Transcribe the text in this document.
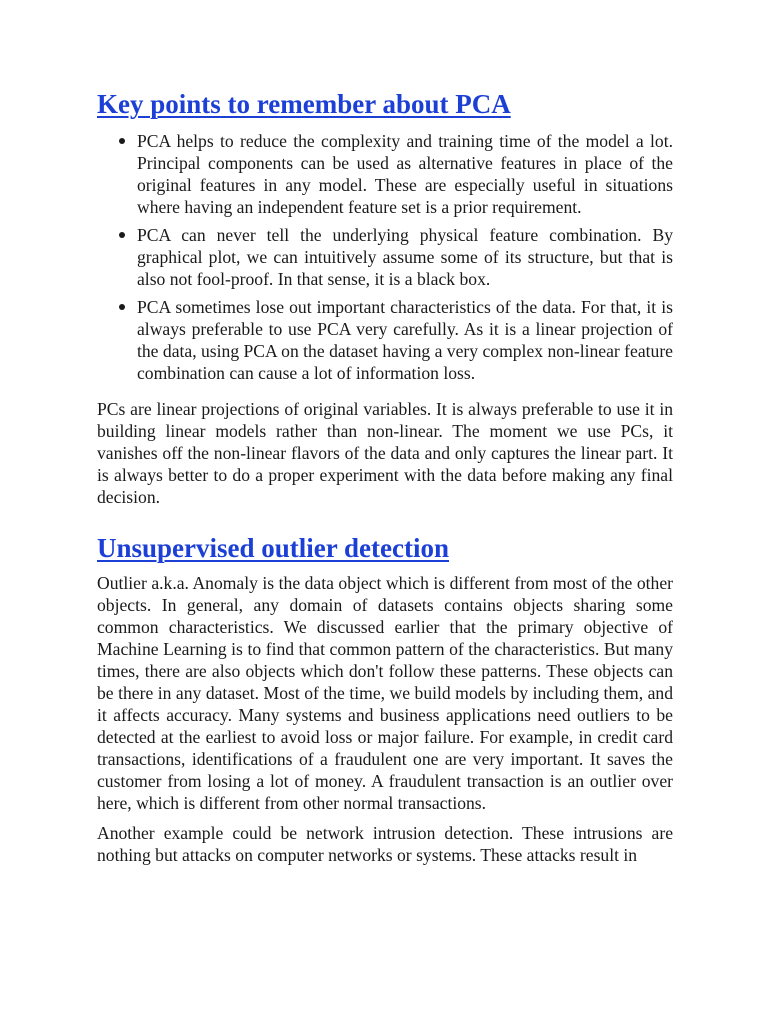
Key points to remember about PCA
PCA helps to reduce the complexity and training time of the model a lot. Principal components can be used as alternative features in place of the original features in any model. These are especially useful in situations where having an independent feature set is a prior requirement.
PCA can never tell the underlying physical feature combination. By graphical plot, we can intuitively assume some of its structure, but that is also not fool-proof. In that sense, it is a black box.
PCA sometimes lose out important characteristics of the data. For that, it is always preferable to use PCA very carefully. As it is a linear projection of the data, using PCA on the dataset having a very complex non-linear feature combination can cause a lot of information loss.

PCs are linear projections of original variables. It is always preferable to use it in building linear models rather than non-linear. The moment we use PCs, it vanishes off the non-linear flavors of the data and only captures the linear part. It is always better to do a proper experiment with the data before making any final decision.

Unsupervised outlier detection

Outlier a.k.a. Anomaly is the data object which is different from most of the other objects. In general, any domain of datasets contains objects sharing some common characteristics. We discussed earlier that the primary objective of Machine Learning is to find that common pattern of the characteristics. But many times, there are also objects which don't follow these patterns. These objects can be there in any dataset. Most of the time, we build models by including them, and it affects accuracy. Many systems and business applications need outliers to be detected at the earliest to avoid loss or major failure. For example, in credit card transactions, identifications of a fraudulent one are very important. It saves the customer from losing a lot of money. A fraudulent transaction is an outlier over here, which is different from other normal transactions.

Another example could be network intrusion detection. These intrusions are nothing but attacks on computer networks or systems. These attacks result in
